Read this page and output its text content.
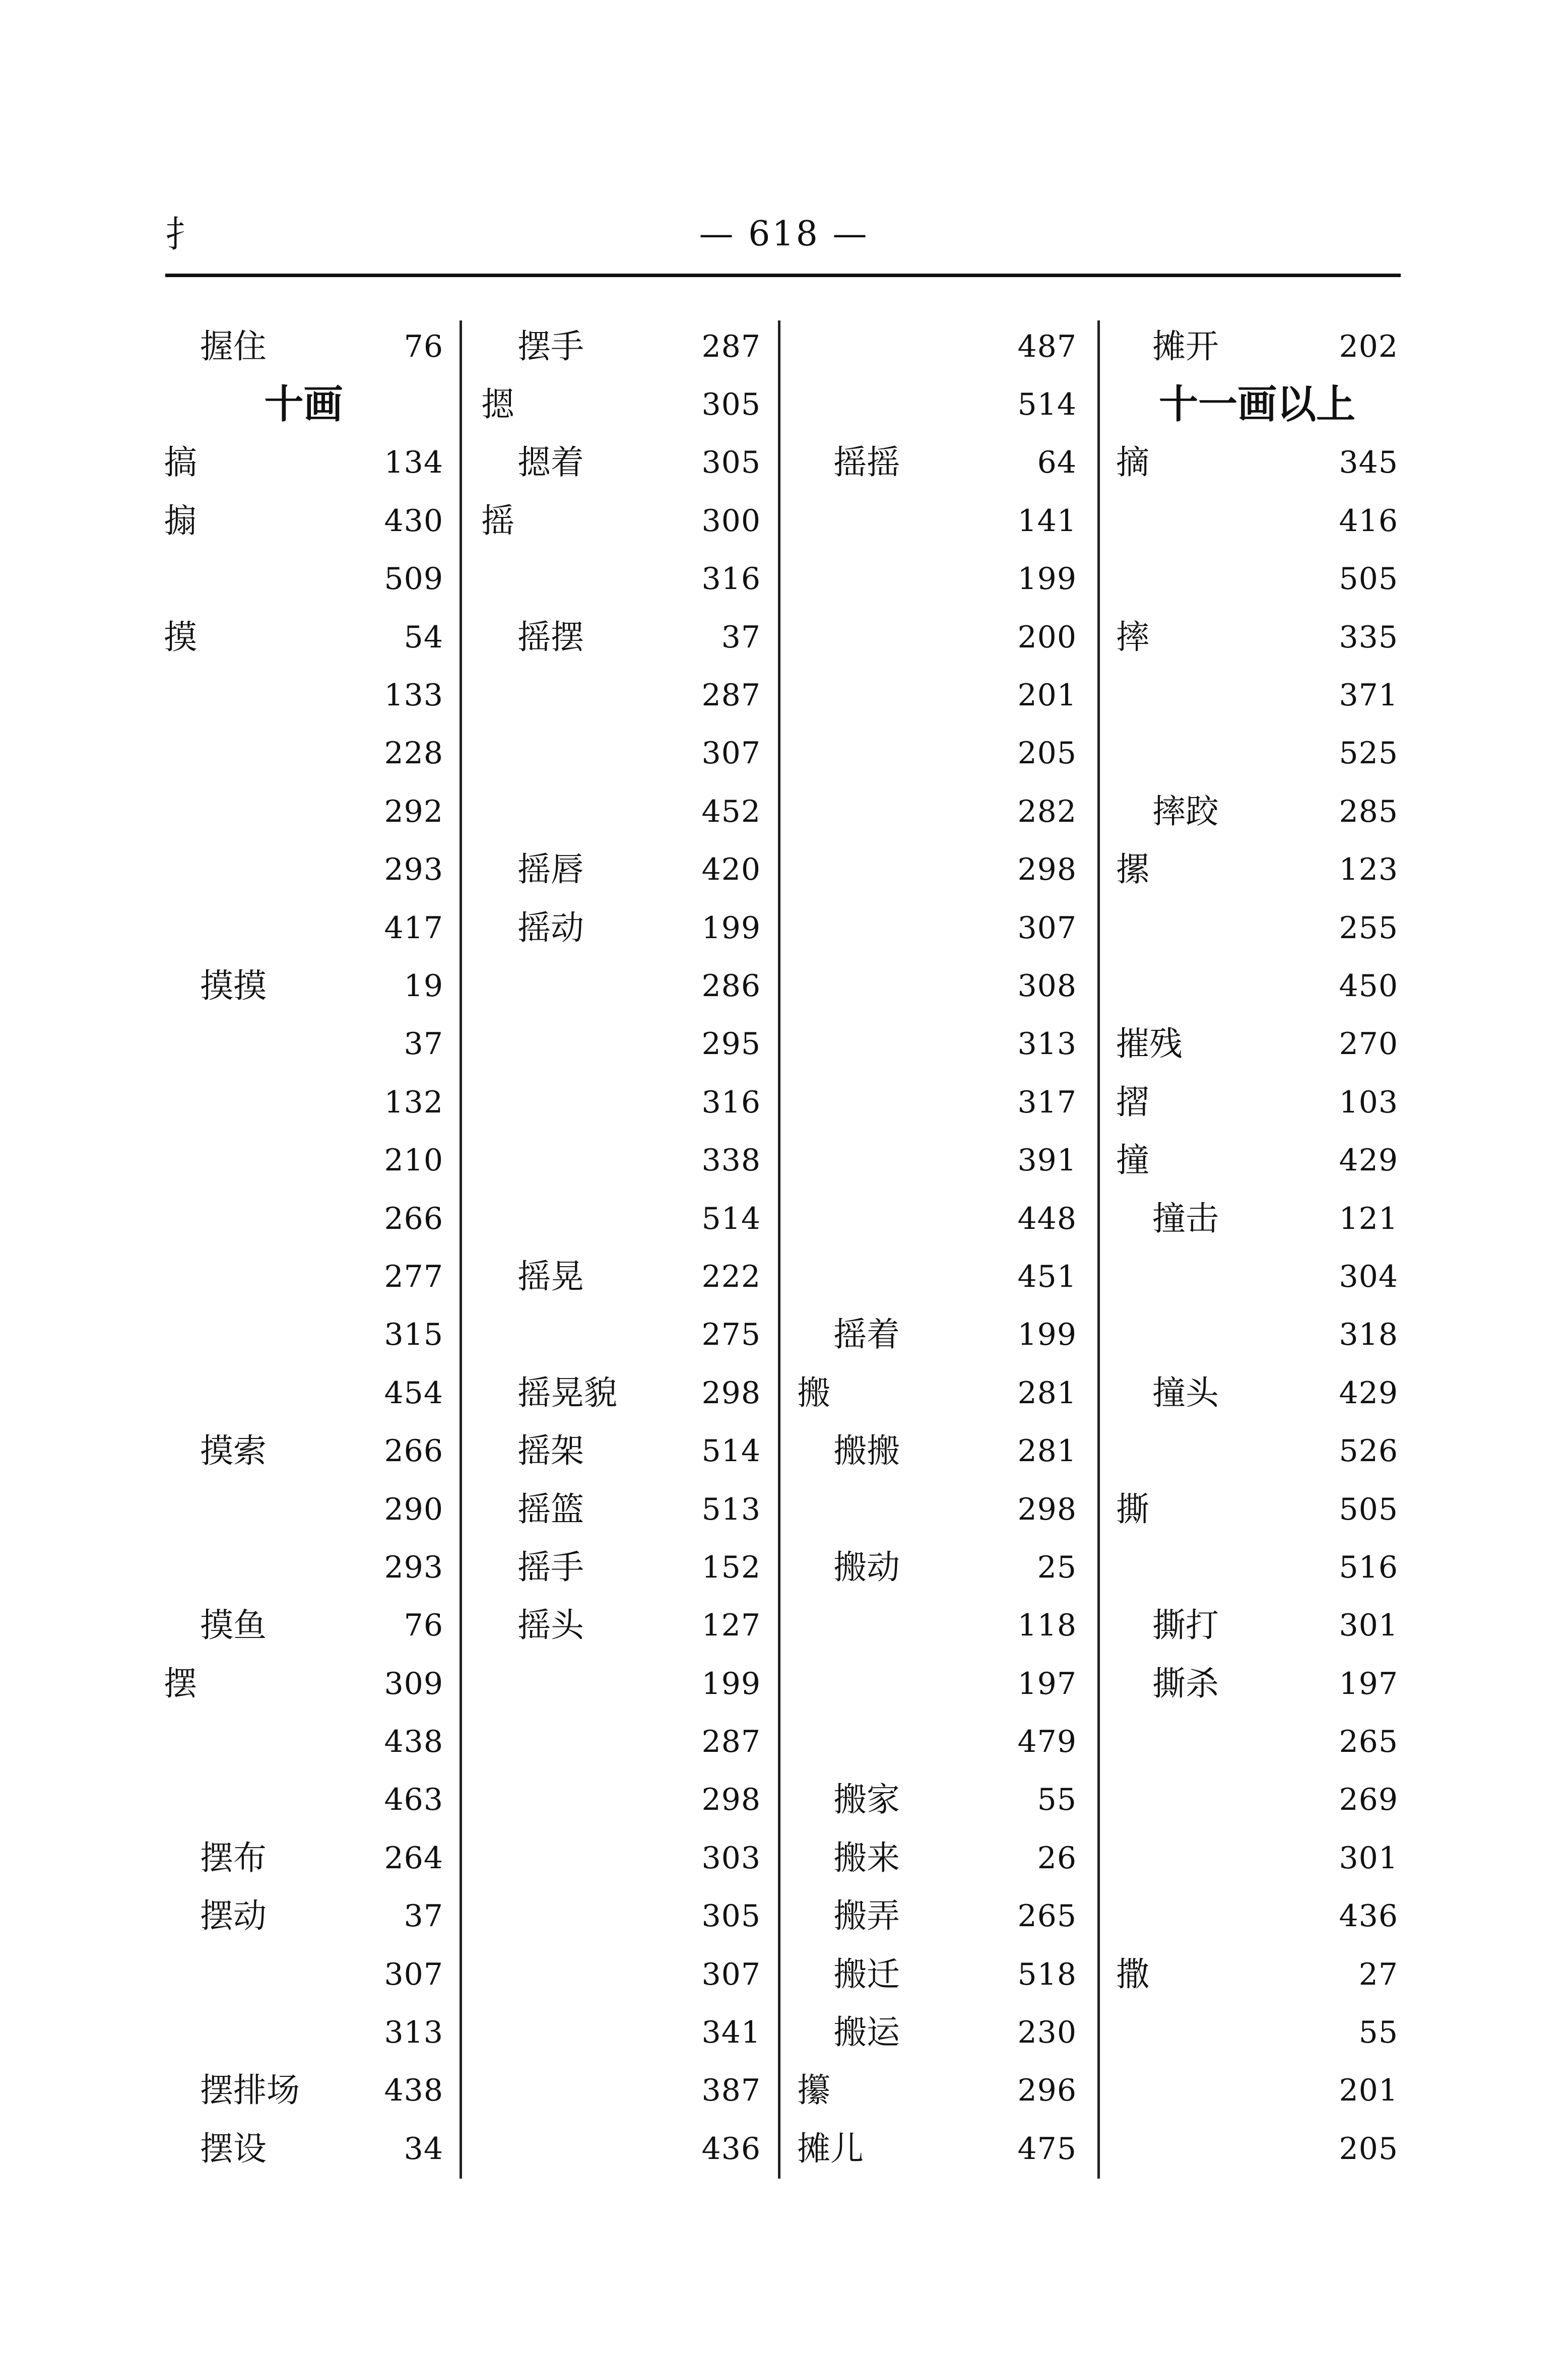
扌	— 618 —
握住	76
十画
搞	134
搧	430
509
摸	54
133
228
292
293
417
摸摸	19
37
132
210
266
277
315
454
摸索	266
290
293
摸鱼	76
摆	309
438
463
摆布	264
摆动	37
307
313
摆排场	438
摆设	34
摆手	287
摁	305
摁着	305
摇	300
316
摇摆	37
287
307
452
摇唇	420
摇动	199
286
295
316
338
514
摇晃	222
275
摇晃貌	298
摇架	514
摇篮	513
摇手	152
摇头	127
199
287
298
303
305
307
341
387
436
487
514
摇摇	64
141
199
200
201
205
282
298
307
308
313
317
391
448
451
摇着	199
搬	281
搬搬	281
298
搬动	25
118
197
479
搬家	55
搬来	26
搬弄	265
搬迁	518
搬运	230
攥	296
摊儿	475
摊开	202
十一画以上
摘	345
416
505
摔	335
371
525
摔跤	285
摞	123
255
450
摧残	270
摺	103
撞	429
撞击	121
304
318
撞头	429
526
撕	505
516
撕打	301
撕杀	197
265
269
301
436
撒	27
55
201
205
